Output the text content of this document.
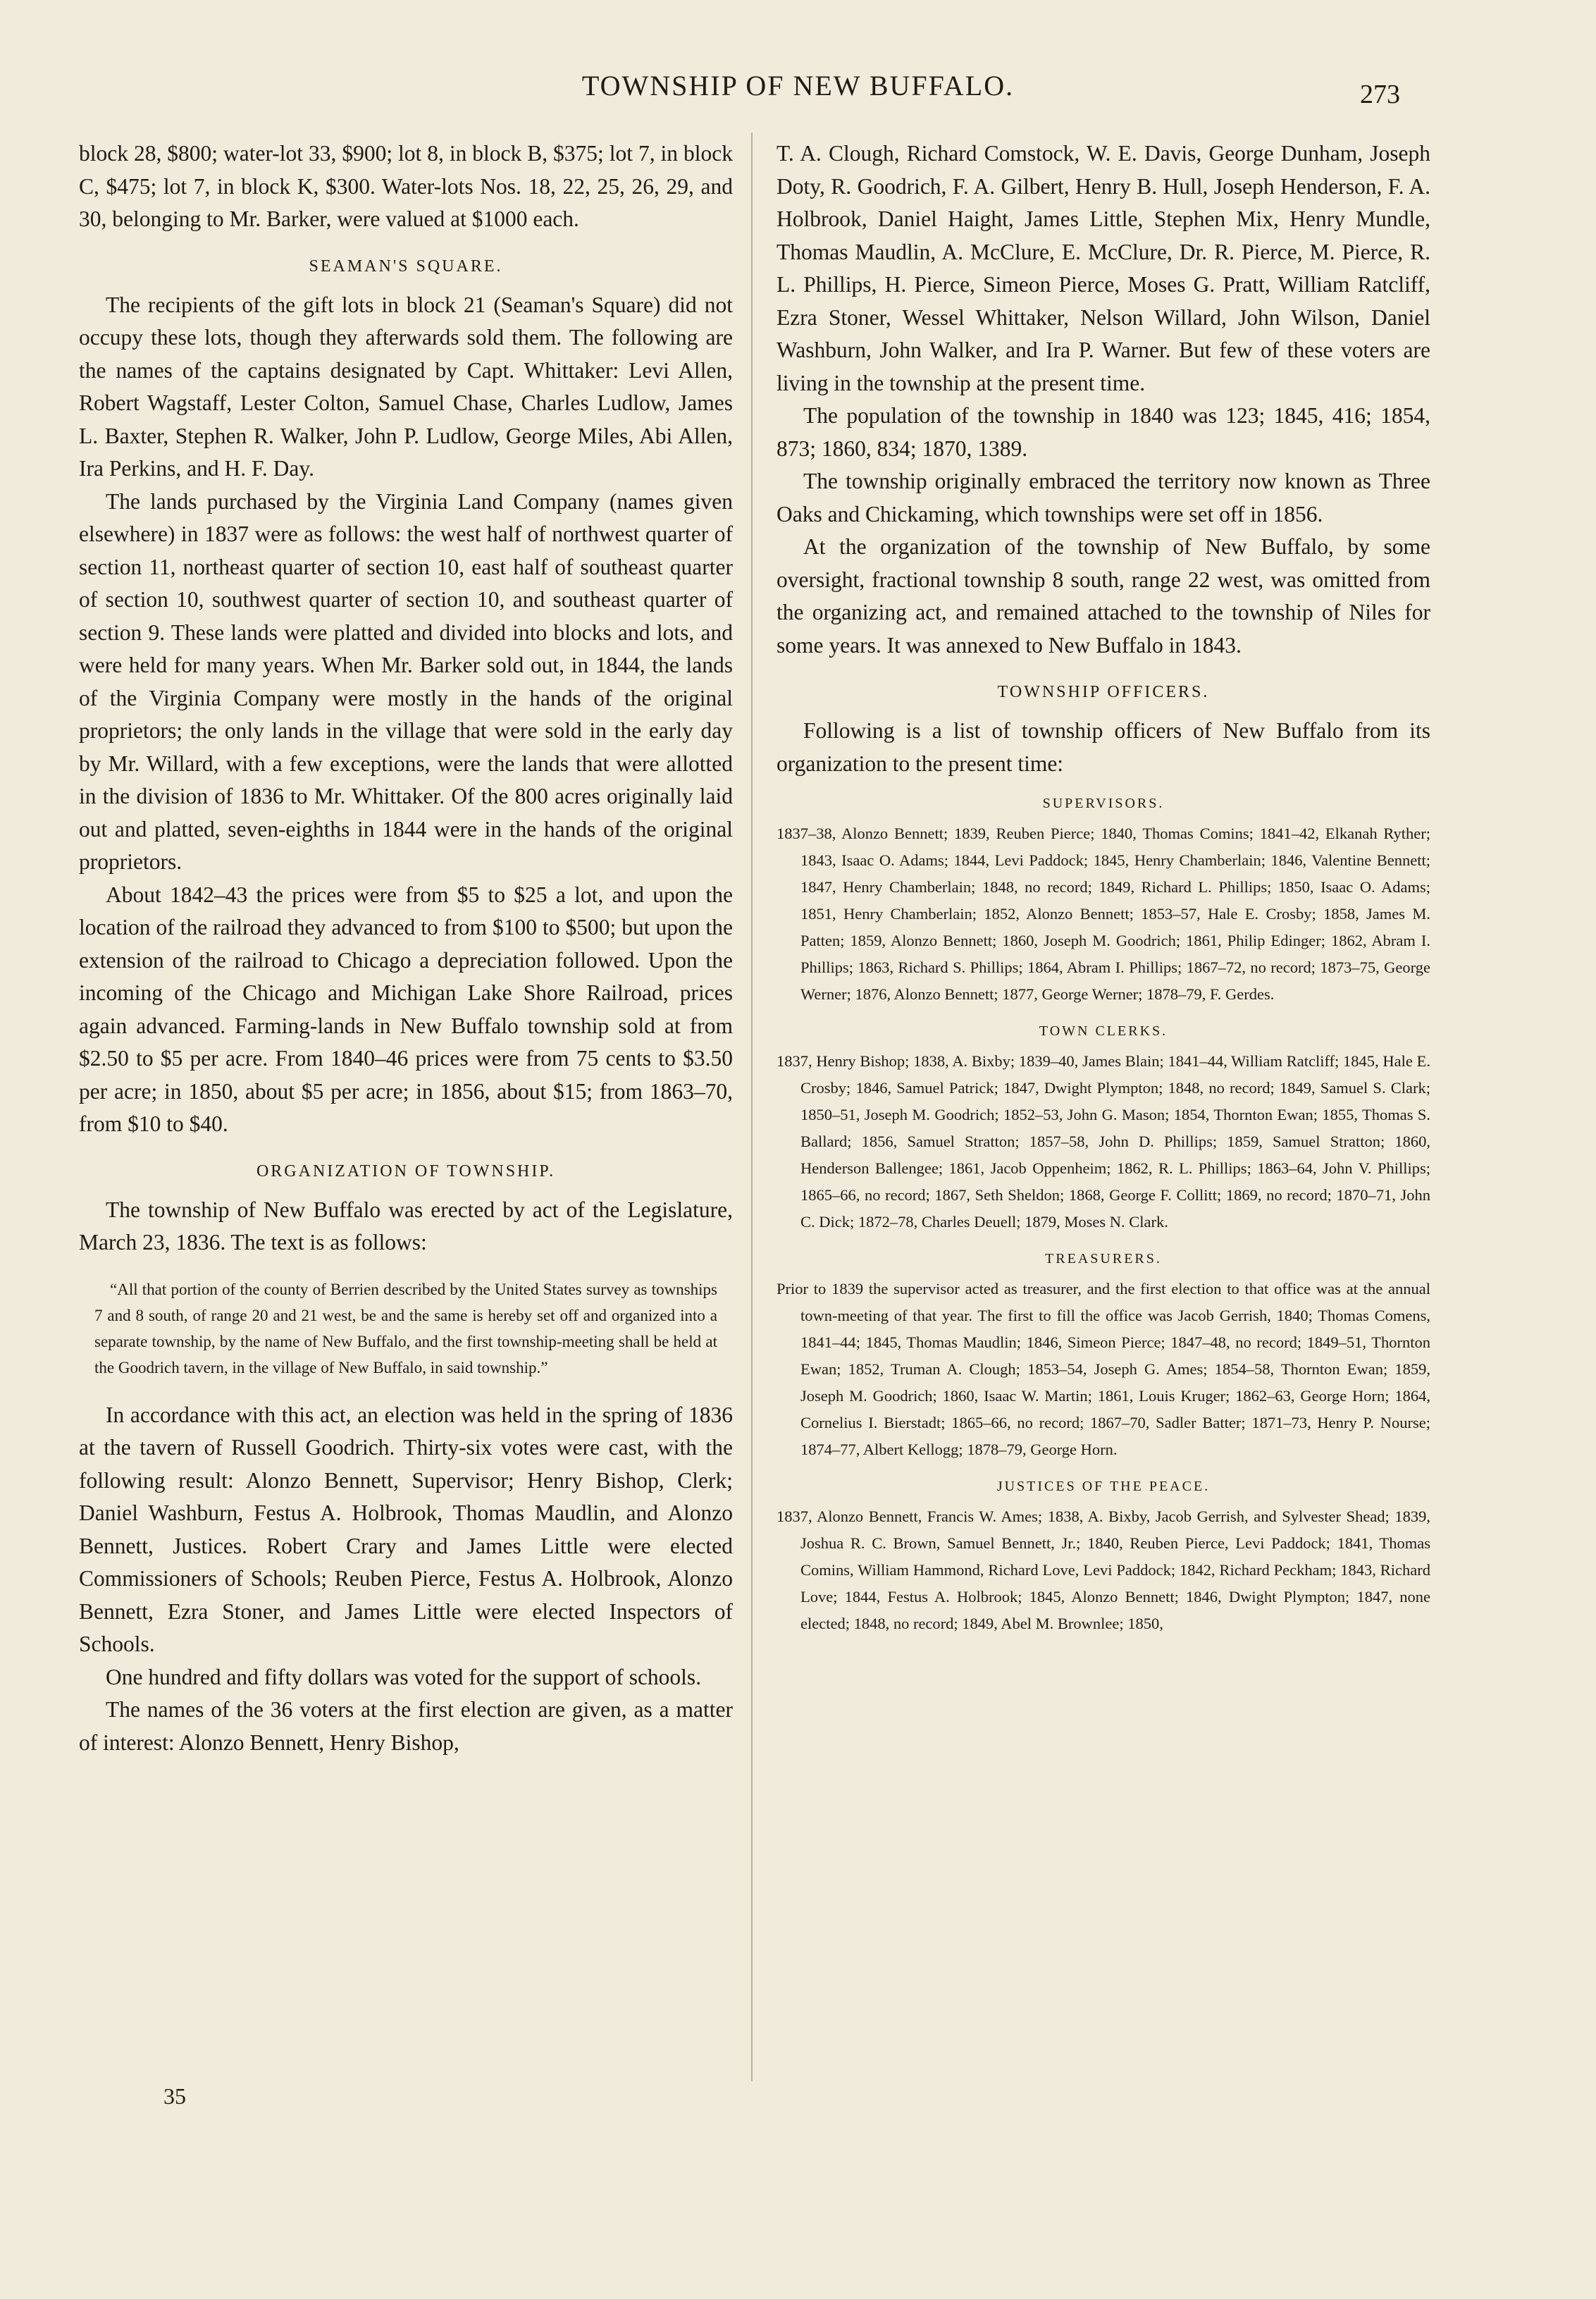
TOWNSHIP OF NEW BUFFALO.	273

block 28, $800; water-lot 33, $900; lot 8, in block B, $375; lot 7, in block C, $475; lot 7, in block K, $300. Water-lots Nos. 18, 22, 25, 26, 29, and 30, belonging to Mr. Barker, were valued at $1000 each.

SEAMAN'S SQUARE.

The recipients of the gift lots in block 21 (Seaman's Square) did not occupy these lots, though they afterwards sold them. The following are the names of the captains designated by Capt. Whittaker: Levi Allen, Robert Wagstaff, Lester Colton, Samuel Chase, Charles Ludlow, James L. Baxter, Stephen R. Walker, John P. Ludlow, George Miles, Abi Allen, Ira Perkins, and H. F. Day.

The lands purchased by the Virginia Land Company (names given elsewhere) in 1837 were as follows: the west half of northwest quarter of section 11, northeast quarter of section 10, east half of southeast quarter of section 10, southwest quarter of section 10, and southeast quarter of section 9. These lands were platted and divided into blocks and lots, and were held for many years. When Mr. Barker sold out, in 1844, the lands of the Virginia Company were mostly in the hands of the original proprietors; the only lands in the village that were sold in the early day by Mr. Willard, with a few exceptions, were the lands that were allotted in the division of 1836 to Mr. Whittaker. Of the 800 acres originally laid out and platted, seven-eighths in 1844 were in the hands of the original proprietors.

About 1842–43 the prices were from $5 to $25 a lot, and upon the location of the railroad they advanced to from $100 to $500; but upon the extension of the railroad to Chicago a depreciation followed. Upon the incoming of the Chicago and Michigan Lake Shore Railroad, prices again advanced. Farming-lands in New Buffalo township sold at from $2.50 to $5 per acre. From 1840–46 prices were from 75 cents to $3.50 per acre; in 1850, about $5 per acre; in 1856, about $15; from 1863–70, from $10 to $40.

ORGANIZATION OF TOWNSHIP.

The township of New Buffalo was erected by act of the Legislature, March 23, 1836. The text is as follows:

“All that portion of the county of Berrien described by the United States survey as townships 7 and 8 south, of range 20 and 21 west, be and the same is hereby set off and organized into a separate township, by the name of New Buffalo, and the first township-meeting shall be held at the Goodrich tavern, in the village of New Buffalo, in said township.”

In accordance with this act, an election was held in the spring of 1836 at the tavern of Russell Goodrich. Thirty-six votes were cast, with the following result: Alonzo Bennett, Supervisor; Henry Bishop, Clerk; Daniel Washburn, Festus A. Holbrook, Thomas Maudlin, and Alonzo Bennett, Justices. Robert Crary and James Little were elected Commissioners of Schools; Reuben Pierce, Festus A. Holbrook, Alonzo Bennett, Ezra Stoner, and James Little were elected Inspectors of Schools.

One hundred and fifty dollars was voted for the support of schools.

The names of the 36 voters at the first election are given, as a matter of interest: Alonzo Bennett, Henry Bishop,

T. A. Clough, Richard Comstock, W. E. Davis, George Dunham, Joseph Doty, R. Goodrich, F. A. Gilbert, Henry B. Hull, Joseph Henderson, F. A. Holbrook, Daniel Haight, James Little, Stephen Mix, Henry Mundle, Thomas Maudlin, A. McClure, E. McClure, Dr. R. Pierce, M. Pierce, R. L. Phillips, H. Pierce, Simeon Pierce, Moses G. Pratt, William Ratcliff, Ezra Stoner, Wessel Whittaker, Nelson Willard, John Wilson, Daniel Washburn, John Walker, and Ira P. Warner. But few of these voters are living in the township at the present time.

The population of the township in 1840 was 123; 1845, 416; 1854, 873; 1860, 834; 1870, 1389.

The township originally embraced the territory now known as Three Oaks and Chickaming, which townships were set off in 1856.

At the organization of the township of New Buffalo, by some oversight, fractional township 8 south, range 22 west, was omitted from the organizing act, and remained attached to the township of Niles for some years. It was annexed to New Buffalo in 1843.

TOWNSHIP OFFICERS.

Following is a list of township officers of New Buffalo from its organization to the present time:

SUPERVISORS.
1837–38, Alonzo Bennett; 1839, Reuben Pierce; 1840, Thomas Comins; 1841–42, Elkanah Ryther; 1843, Isaac O. Adams; 1844, Levi Paddock; 1845, Henry Chamberlain; 1846, Valentine Bennett; 1847, Henry Chamberlain; 1848, no record; 1849, Richard L. Phillips; 1850, Isaac O. Adams; 1851, Henry Chamberlain; 1852, Alonzo Bennett; 1853–57, Hale E. Crosby; 1858, James M. Patten; 1859, Alonzo Bennett; 1860, Joseph M. Goodrich; 1861, Philip Edinger; 1862, Abram I. Phillips; 1863, Richard S. Phillips; 1864, Abram I. Phillips; 1867–72, no record; 1873–75, George Werner; 1876, Alonzo Bennett; 1877, George Werner; 1878–79, F. Gerdes.
TOWN CLERKS.
1837, Henry Bishop; 1838, A. Bixby; 1839–40, James Blain; 1841–44, William Ratcliff; 1845, Hale E. Crosby; 1846, Samuel Patrick; 1847, Dwight Plympton; 1848, no record; 1849, Samuel S. Clark; 1850–51, Joseph M. Goodrich; 1852–53, John G. Mason; 1854, Thornton Ewan; 1855, Thomas S. Ballard; 1856, Samuel Stratton; 1857–58, John D. Phillips; 1859, Samuel Stratton; 1860, Henderson Ballengee; 1861, Jacob Oppenheim; 1862, R. L. Phillips; 1863–64, John V. Phillips; 1865–66, no record; 1867, Seth Sheldon; 1868, George F. Collitt; 1869, no record; 1870–71, John C. Dick; 1872–78, Charles Deuell; 1879, Moses N. Clark.
TREASURERS.
Prior to 1839 the supervisor acted as treasurer, and the first election to that office was at the annual town-meeting of that year. The first to fill the office was Jacob Gerrish, 1840; Thomas Comens, 1841–44; 1845, Thomas Maudlin; 1846, Simeon Pierce; 1847–48, no record; 1849–51, Thornton Ewan; 1852, Truman A. Clough; 1853–54, Joseph G. Ames; 1854–58, Thornton Ewan; 1859, Joseph M. Goodrich; 1860, Isaac W. Martin; 1861, Louis Kruger; 1862–63, George Horn; 1864, Cornelius I. Bierstadt; 1865–66, no record; 1867–70, Sadler Batter; 1871–73, Henry P. Nourse; 1874–77, Albert Kellogg; 1878–79, George Horn.
JUSTICES OF THE PEACE.
1837, Alonzo Bennett, Francis W. Ames; 1838, A. Bixby, Jacob Gerrish, and Sylvester Shead; 1839, Joshua R. C. Brown, Samuel Bennett, Jr.; 1840, Reuben Pierce, Levi Paddock; 1841, Thomas Comins, William Hammond, Richard Love, Levi Paddock; 1842, Richard Peckham; 1843, Richard Love; 1844, Festus A. Holbrook; 1845, Alonzo Bennett; 1846, Dwight Plympton; 1847, none elected; 1848, no record; 1849, Abel M. Brownlee; 1850,
35
